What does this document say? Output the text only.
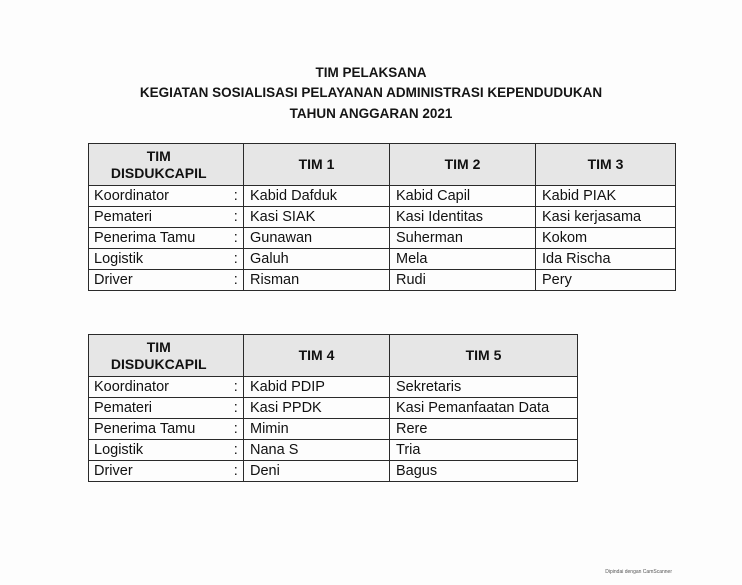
TIM PELAKSANA
KEGIATAN SOSIALISASI PELAYANAN ADMINISTRASI KEPENDUDUKAN
TAHUN ANGGARAN 2021
TIM
DISDUKCAPIL		TIM 1	TIM 2	TIM 3
Koordinator	:	Kabid Dafduk	Kabid Capil	Kabid PIAK
Pemateri	:	Kasi SIAK	Kasi Identitas	Kasi kerjasama
Penerima Tamu	:	Gunawan	Suherman	Kokom
Logistik	:	Galuh	Mela	Ida Rischa
Driver	:	Risman	Rudi	Pery
TIM
DISDUKCAPIL		TIM 4	TIM 5
Koordinator	:	Kabid PDIP	Sekretaris
Pemateri	:	Kasi PPDK	Kasi Pemanfaatan Data
Penerima Tamu	:	Mimin	Rere
Logistik	:	Nana S	Tria
Driver	:	Deni	Bagus
Dipindai dengan CamScanner
